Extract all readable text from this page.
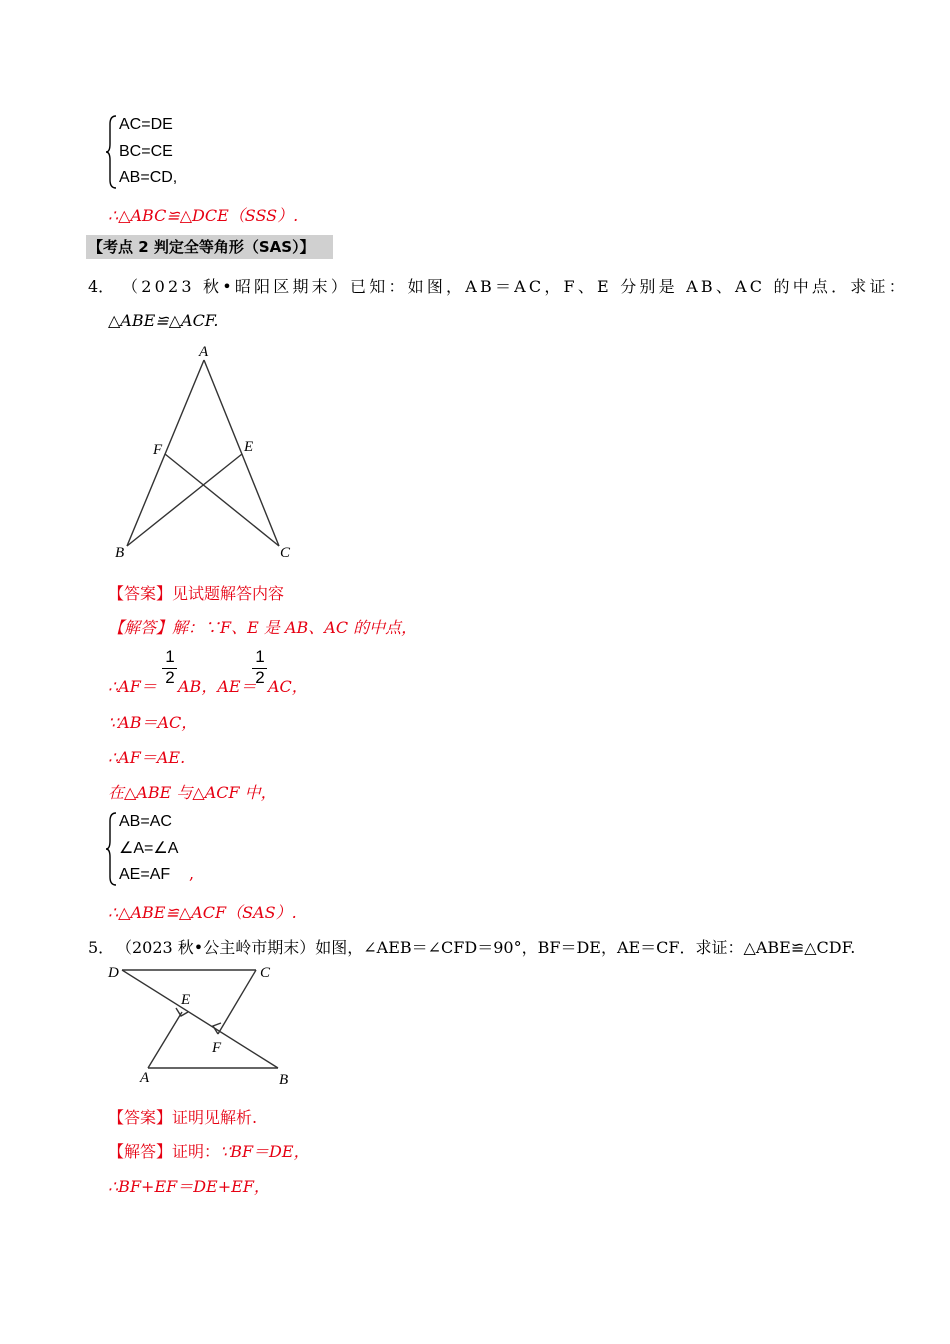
AC=DE
BC=CE
AB=CD,
∴△ABC≌△DCE（SSS）.
【考点 2 判定全等角形（SAS）】
4． （2023 秋•昭阳区期末）已知：如图，AB＝AC，F、E 分别是 AB、AC 的中点．求证：
△ABE≌△ACF.
A
B	C
E
F
【答案】见试题解答内容
【解答】解：∵F、E 是 AB、AC 的中点，
1
2
1
2
∴AF＝ AB，AE＝ AC，
∵AB＝AC，
∴AF＝AE.
在△ABE 与△ACF 中，
AB=AC
∠A=∠A
AE=AF	,
∴△ABE≌△ACF（SAS）.
5． （2023 秋•公主岭市期末）如图，∠AEB＝∠CFD＝90°，BF＝DE，AE＝CF．求证：△ABE≌△CDF.
D	C
E
F
A	B
【答案】证明见解析.
【解答】证明：∵BF＝DE，
∴BF+EF＝DE+EF，
